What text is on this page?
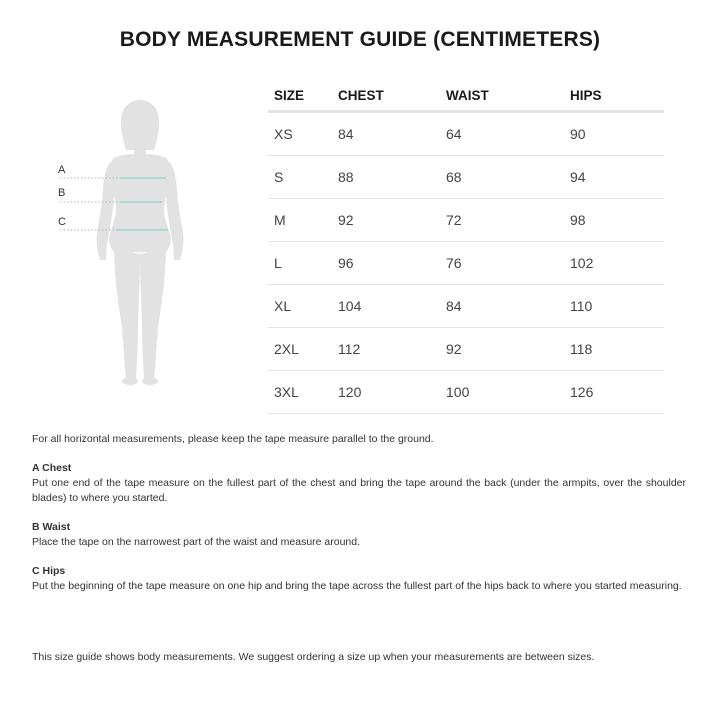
BODY MEASUREMENT GUIDE (CENTIMETERS)
A
B
C
SIZE	CHEST	WAIST	HIPS
XS	84	64	90
S	88	68	94
M	92	72	98
L	96	76	102
XL	104	84	110
2XL	112	92	118
3XL	120	100	126

For all horizontal measurements, please keep the tape measure parallel to the ground.

A Chest

Put one end of the tape measure on the fullest part of the chest and bring the tape around the back (under the armpits, over the shoulder blades) to where you started.

B Waist

Place the tape on the narrowest part of the waist and measure around.

C Hips

Put the beginning of the tape measure on one hip and bring the tape across the fullest part of the hips back to where you started measuring.

This size guide shows body measurements. We suggest ordering a size up when your measurements are between sizes.
